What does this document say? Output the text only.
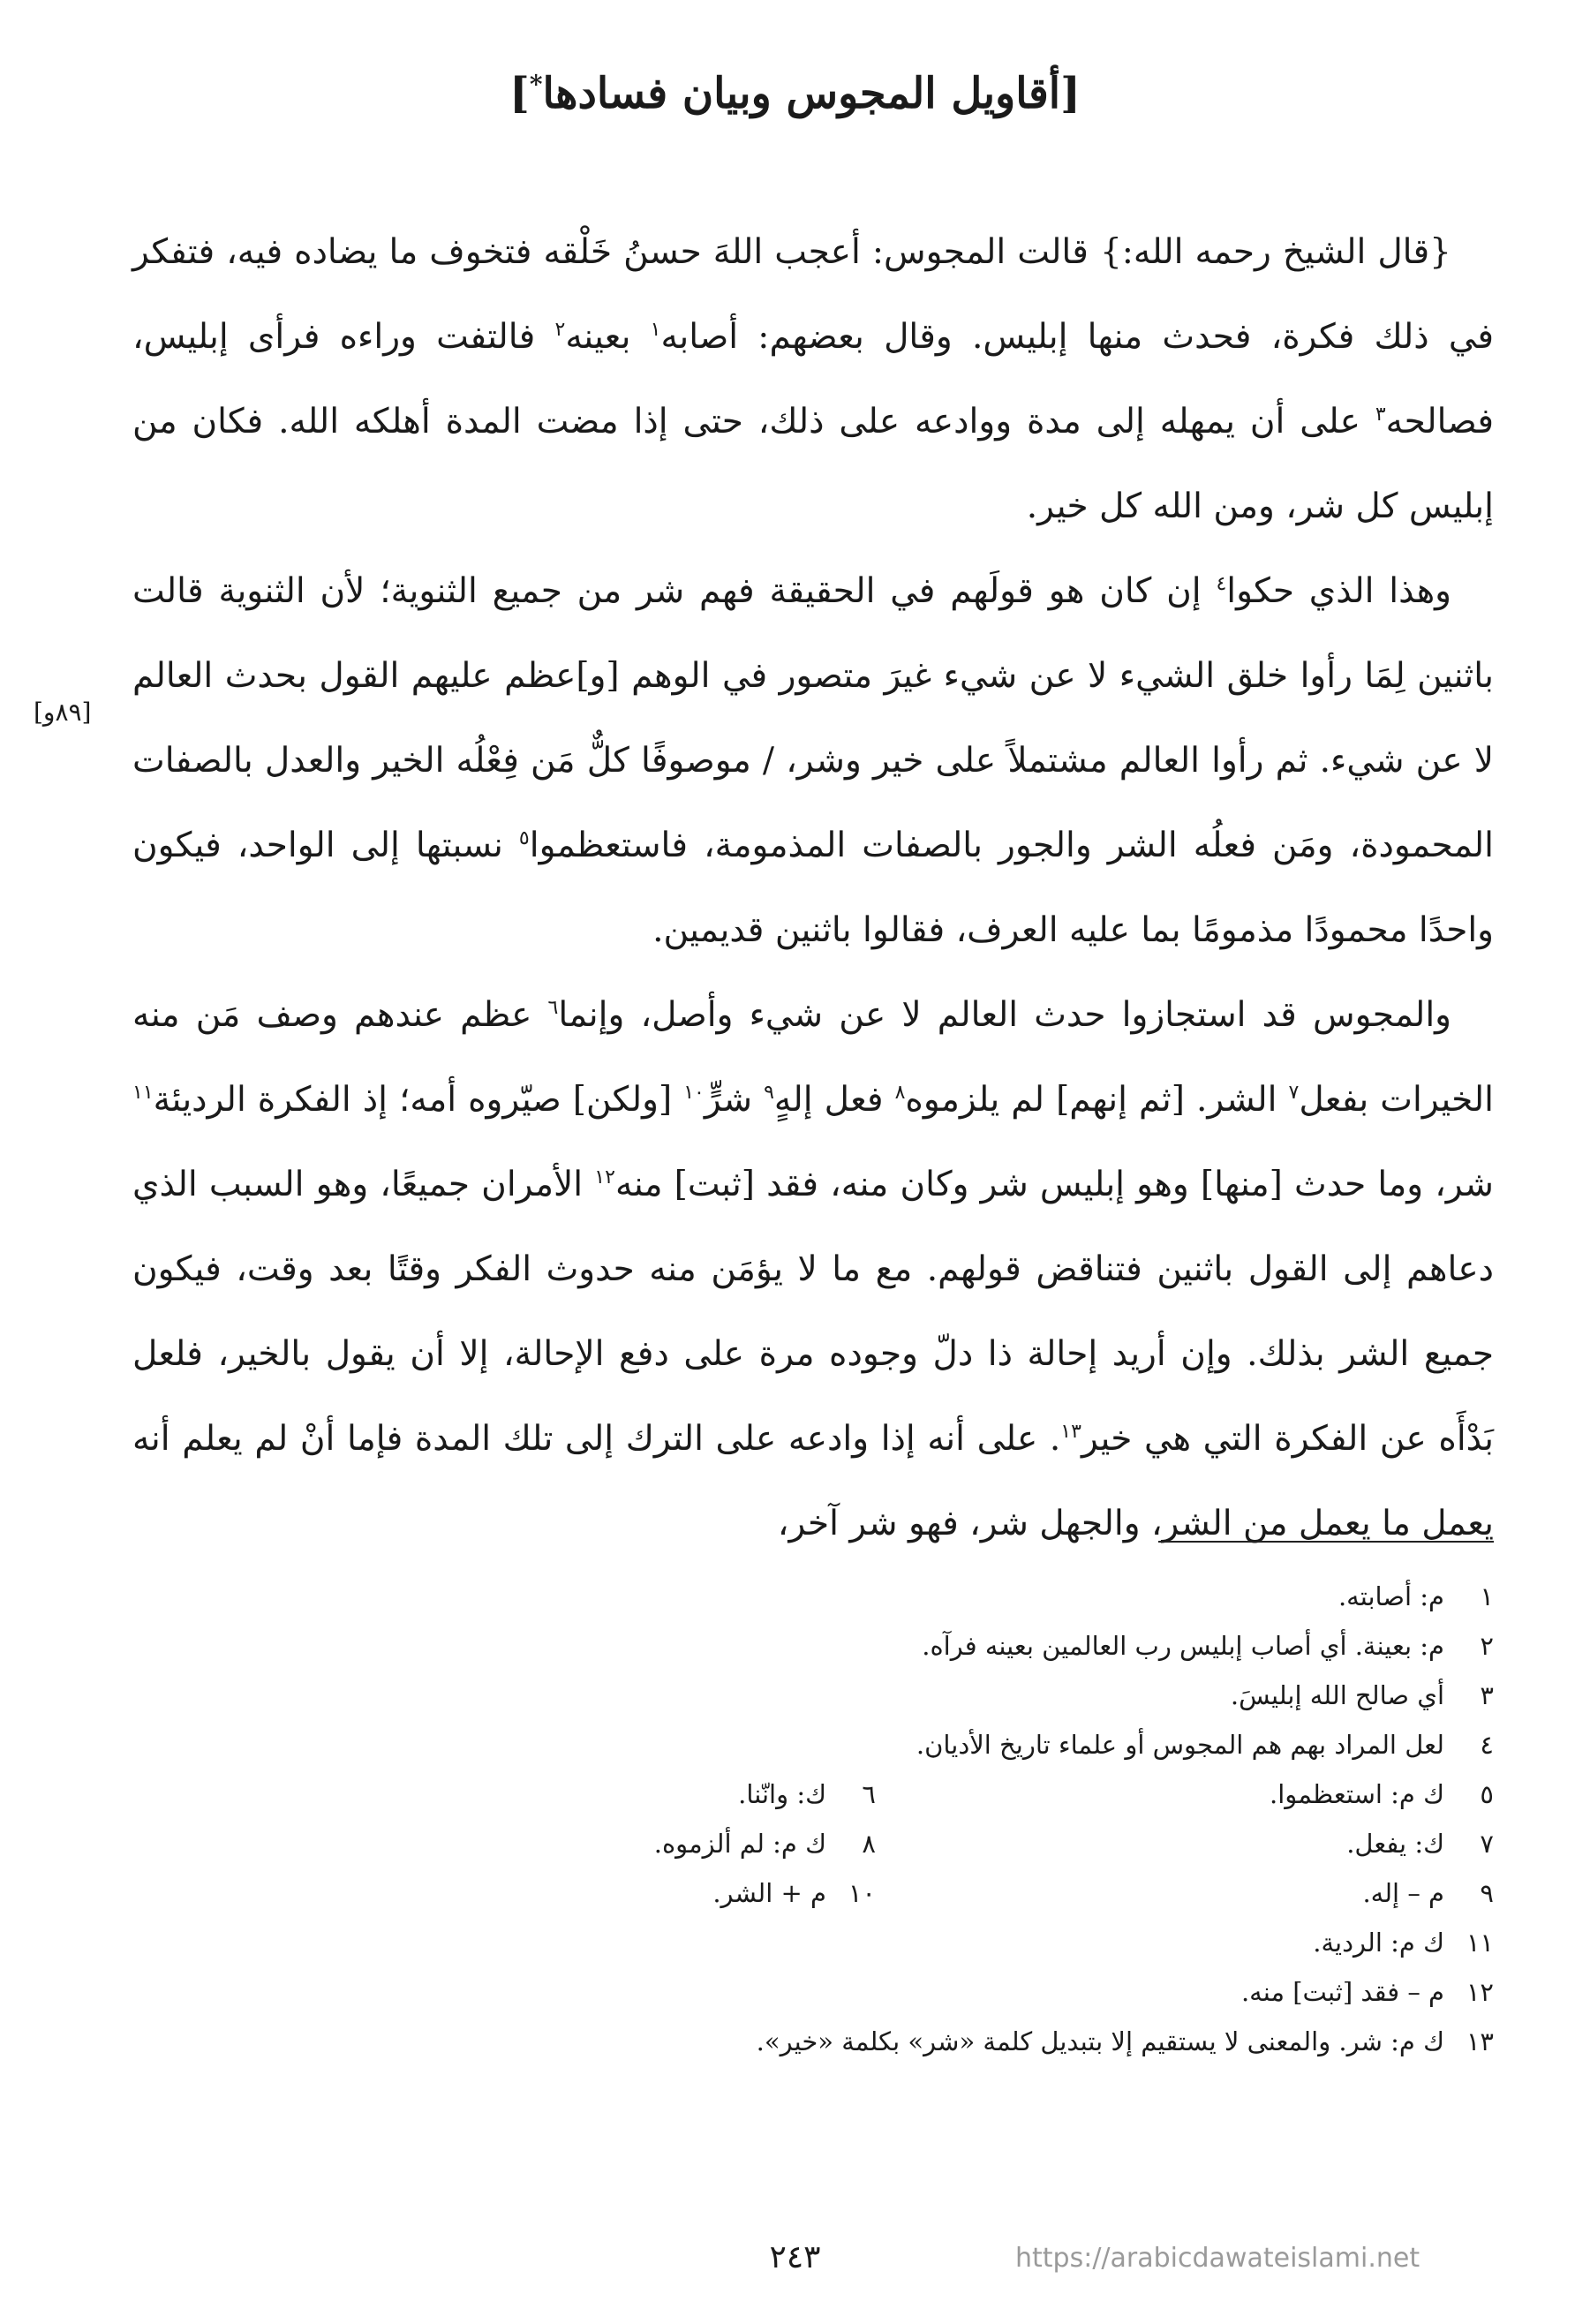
[أقاويل المجوس وبيان فسادها*]
[٨٩و]

{قال الشيخ رحمه الله:} قالت المجوس: أعجب اللهَ حسنُ خَلْقه فتخوف ما يضاده فيه، فتفكر في ذلك فكرة، فحدث منها إبليس. وقال بعضهم: أصابه$^١$ بعينه$^٢$ فالتفت وراءه فرأى إبليس، فصالحه$^٣$ على أن يمهله إلى مدة ووادعه على ذلك، حتى إذا مضت المدة أهلكه الله. فكان من إبليس كل شر، ومن الله كل خير.

وهذا الذي حكوا$^٤$ إن كان هو قولَهم في الحقيقة فهم شر من جميع الثنوية؛ لأن الثنوية قالت باثنين لِمَا رأوا خلق الشيء لا عن شيء غيرَ متصور في الوهم [و]عظم عليهم القول بحدث العالم لا عن شيء. ثم رأوا العالم مشتملاً على خير وشر، / موصوفًا كلٌّ مَن فِعْلُه الخير والعدل بالصفات المحمودة، ومَن فعلُه الشر والجور بالصفات المذمومة، فاستعظموا$^٥$ نسبتها إلى الواحد، فيكون واحدًا محمودًا مذمومًا بما عليه العرف، فقالوا باثنين قديمين.

والمجوس قد استجازوا حدث العالم لا عن شيء وأصل، وإنما$^٦$ عظم عندهم وصف مَن منه الخيرات بفعل$^٧$ الشر. [ثم إنهم] لم يلزموه$^٨$ فعل إلهٍ$^٩$ شرٍّ$^{١٠}$ [ولكن] صيّروه أمه؛ إذ الفكرة الرديئة$^{١١}$ شر، وما حدث [منها] وهو إبليس شر وكان منه، فقد [ثبت] منه$^{١٢}$ الأمران جميعًا، وهو السبب الذي دعاهم إلى القول باثنين فتناقض قولهم. مع ما لا يؤمَن منه حدوث الفكر وقتًا بعد وقت، فيكون جميع الشر بذلك. وإن أريد إحالة ذا دلّ وجوده مرة على دفع الإحالة، إلا أن يقول بالخير، فلعل بَدْأَه عن الفكرة التي هي خير$^{١٣}$. على أنه إذا وادعه على الترك إلى تلك المدة فإما أنْ لم يعلم أنه يعمل ما يعمل من الشر، والجهل شر، فهو شر آخر،

١م: أصابته.
٢م: بعينة. أي أصاب إبليس رب العالمين بعينه فرآه.
٣أي صالح الله إبليسَ.
٤لعل المراد بهم هم المجوس أو علماء تاريخ الأديان.
٥ك م: استعظموا.
٦ك: وانّنا.
٧ك: يفعل.
٨ك م: لم ألزموه.
٩م – إله.
١٠م + الشر.
١١ك م: الردية.
١٢م – فقد [ثبت] منه.
١٣ك م: شر. والمعنى لا يستقيم إلا بتبديل كلمة «شر» بكلمة «خير».
٢٤٣	https://arabicdawateislami.net
